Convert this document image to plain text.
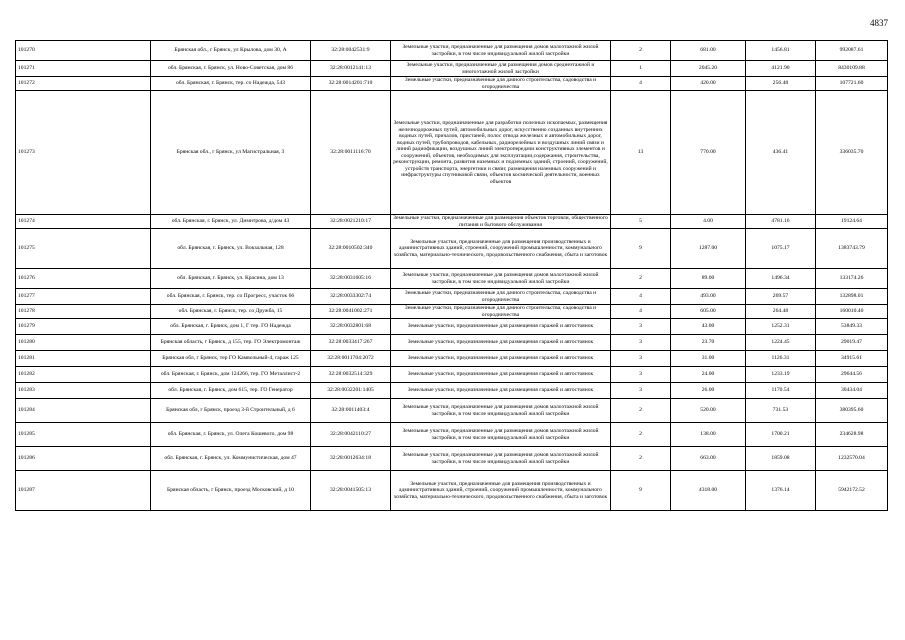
4837
101270	Брянская обл., г Брянск, ул Крылова, дом 30, А	32:28:0042531:9	Земельные участки, предназначенные для размещения домов малоэтажной жилой застройки, в том числе индивидуальной жилой застройки	2	681.00	1456.81	992087.61
101271	обл. Брянская, г. Брянск, ул. Ново-Советская, дом 86	32:28:0012141:13	Земельные участки, предназначенные для размещения домов среднеэтажной и многоэтажной жилой застройки	1	2045.20	4121.90	8430109.88
101272	обл. Брянская, г. Брянск, тер. со Надежда, 543	32:28:0014201:710	Земельные участки, предназначенные для дачного строительства, садоводства и огородничества	4	420.00	256.48	107721.60
101273	Брянская обл., г Брянск, ул Магистральная, 3	32:28:0011116:70	Земельные участки, предназначенные для разработки полезных ископаемых, размещения железнодорожных путей, автомобильных дорог, искусственно созданных внутренних водных путей, причалов, пристаней, полос отвода железных и автомобильных дорог, водных путей, трубопроводов, кабельных, радиорелейных и воздушных линий связи и линий радиофикации, воздушных линий электропередачи конструктивных элементов и сооружений, объектов, необходимых для эксплуатации,содержания, строительства, реконструкции, ремонта, развития наземных и подземных зданий, строений, сооружений, устройств транспорта, энергетики и связи; размещения наземных сооружений и инфраструктуры спутниковой связи, объектов космической деятельности, военных объектов	13	770.00	436.41	336035.70
101274	обл. Брянская, г. Брянск, ул. Димитрова, д/дом 43	32:28:0021210:17	Земельные участки, предназначенные для размещения объектов торговли, общественного питания и бытового обслуживания	5	4.00	4781.16	19124.64
101275	обл. Брянская, г. Брянск, ул. Вокзальная, 128	32:28:0010502:340	Земельные участки, предназначенные для размещения производственных и административных зданий, строений, сооружений промышленности, коммунального хозяйства, материально-технического, продовольственного снабжения, сбыта и заготовок	9	1287.00	1075.17	1383743.79
101276	обл. Брянская, г. Брянск, ул. Красина, дом 13	32:28:0031605:16	Земельные участки, предназначенные для размещения домов малоэтажной жилой застройки, в том числе индивидуальной жилой застройки	2	89.00	1496.34	133174.26
101277	обл. Брянская, г. Брянск, тер. со Прогресс, участок 66	32:28:0033302:74	Земельные участки, предназначенные для дачного строительства, садоводства и огородничества	4	493.00	269.57	132898.01
101278	обл. Брянская, г. Брянск, тер. со Дружба, 15	32:28:0041002:271	Земельные участки, предназначенные для дачного строительства, садоводства и огородничества	4	605.00	264.48	160010.40
101279	обл. Брянская, г. Брянск, дом 1, Г тер. ГО Надежда	32:28:0032801:68	Земельные участки, предназначенные для размещения гаражей и автостоянок	3	43.00	1252.31	53849.33
101280	Брянская область, г Брянск, д 155, тер. ГО Электромонтаж	32:28:0033417:267	Земельные участки, предназначенные для размещения гаражей и автостоянок	3	23.70	1224.45	29019.47
101281	Брянская обл, г Брянск, тер ГО Камвольный-4, гараж 125	32:28:0011704:2072	Земельные участки, предназначенные для размещения гаражей и автостоянок	3	31.00	1126.31	34915.61
101282	обл. Брянская, г. Брянск, дом 124266, тер. ГО Металлист-2	32:28:0032514:329	Земельные участки, предназначенные для размещения гаражей и автостоянок	3	24.00	1233.19	29644.56
101283	обл. Брянская, г. Брянск, дом 615, тер. ГО Генератор	32:28:0032201:1405	Земельные участки, предназначенные для размещения гаражей и автостоянок	3	26.00	1170.54	30434.04
101284	Брянская обл, г Брянск, проезд 3-й Строительный, д 6	32:28:0011403:4	Земельные участки, предназначенные для размещения домов малоэтажной жилой застройки, в том числе индивидуальной жилой застройки	2	520.00	731.53	380395.60
101285	обл. Брянская, г. Брянск, ул. Олега Кошевого, дом 98	32:28:0042110:27	Земельные участки, предназначенные для размещения домов малоэтажной жилой застройки, в том числе индивидуальной жилой застройки	2	138.00	1700.21	234628.98
101286	обл. Брянская, г. Брянск, ул. Коммунистическая, дом 47	32:28:0012634:18	Земельные участки, предназначенные для размещения домов малоэтажной жилой застройки, в том числе индивидуальной жилой застройки	2	663.00	1859.08	1232570.04
101287	Брянская область, г Брянск, проезд Московский, д 10	32:28:0041505:13	Земельные участки, предназначенные для размещения производственных и административных зданий, строений, сооружений промышленности, коммунального хозяйства, материально-технического, продовольственного снабжения, сбыта и заготовок	9	4318.00	1376.14	5942172.52
